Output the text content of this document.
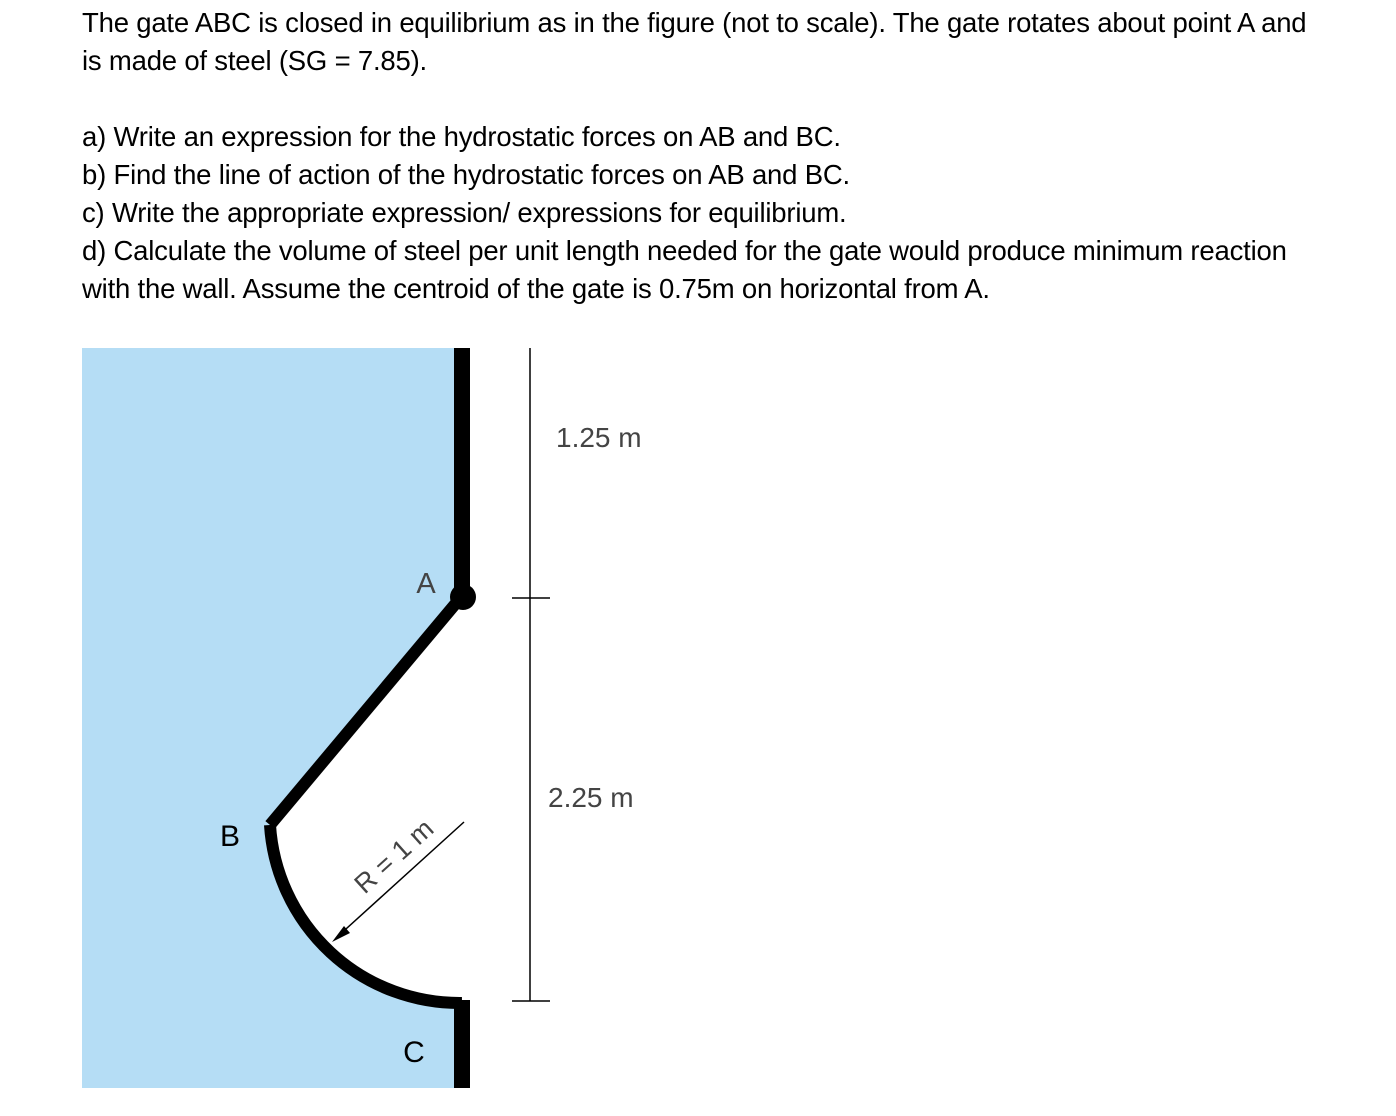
The gate ABC is closed in equilibrium as in the figure (not to scale). The gate rotates about point A and is made of steel (SG = 7.85).

a) Write an expression for the hydrostatic forces on AB and BC.

b) Find the line of action of the hydrostatic forces on AB and BC.

c) Write the appropriate expression/ expressions for equilibrium.

d) Calculate the volume of steel per unit length needed for the gate would produce minimum reaction with the wall. Assume the centroid of the gate is 0.75m on horizontal from A.

A
B
C
R = 1 m
1.25 m
2.25 m
